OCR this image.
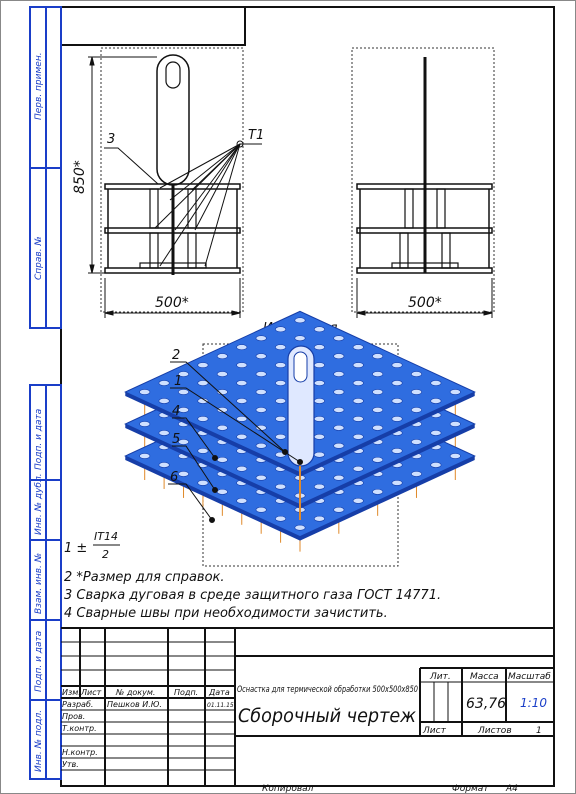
Перв. примен.
Справ. №
Подп. и дата
Инв. № дубл.
Взам. инв. №
Подп. и дата
Инв. № подл.
850*
500*
3	T1
500*
2
1
4
5
6
1 ±
IT14
2
2 *Размер для справок.
3 Сварка дуговая в среде защитного газа ГОСТ 14771.
4 Сварные швы при необходимости зачистить.
Изм. Лист № докум. Подп. Дата
01.11.15
Разраб. Пешков И.Ю.
Пров.
Т.контр.
Н.контр.
Утв.
Оснастка для термической обработки 500х500х850
Сборочный чертеж
Лит. Масса Масштаб
63,76 1:10
Лист	Листов	1
Копировал	Формат А4
